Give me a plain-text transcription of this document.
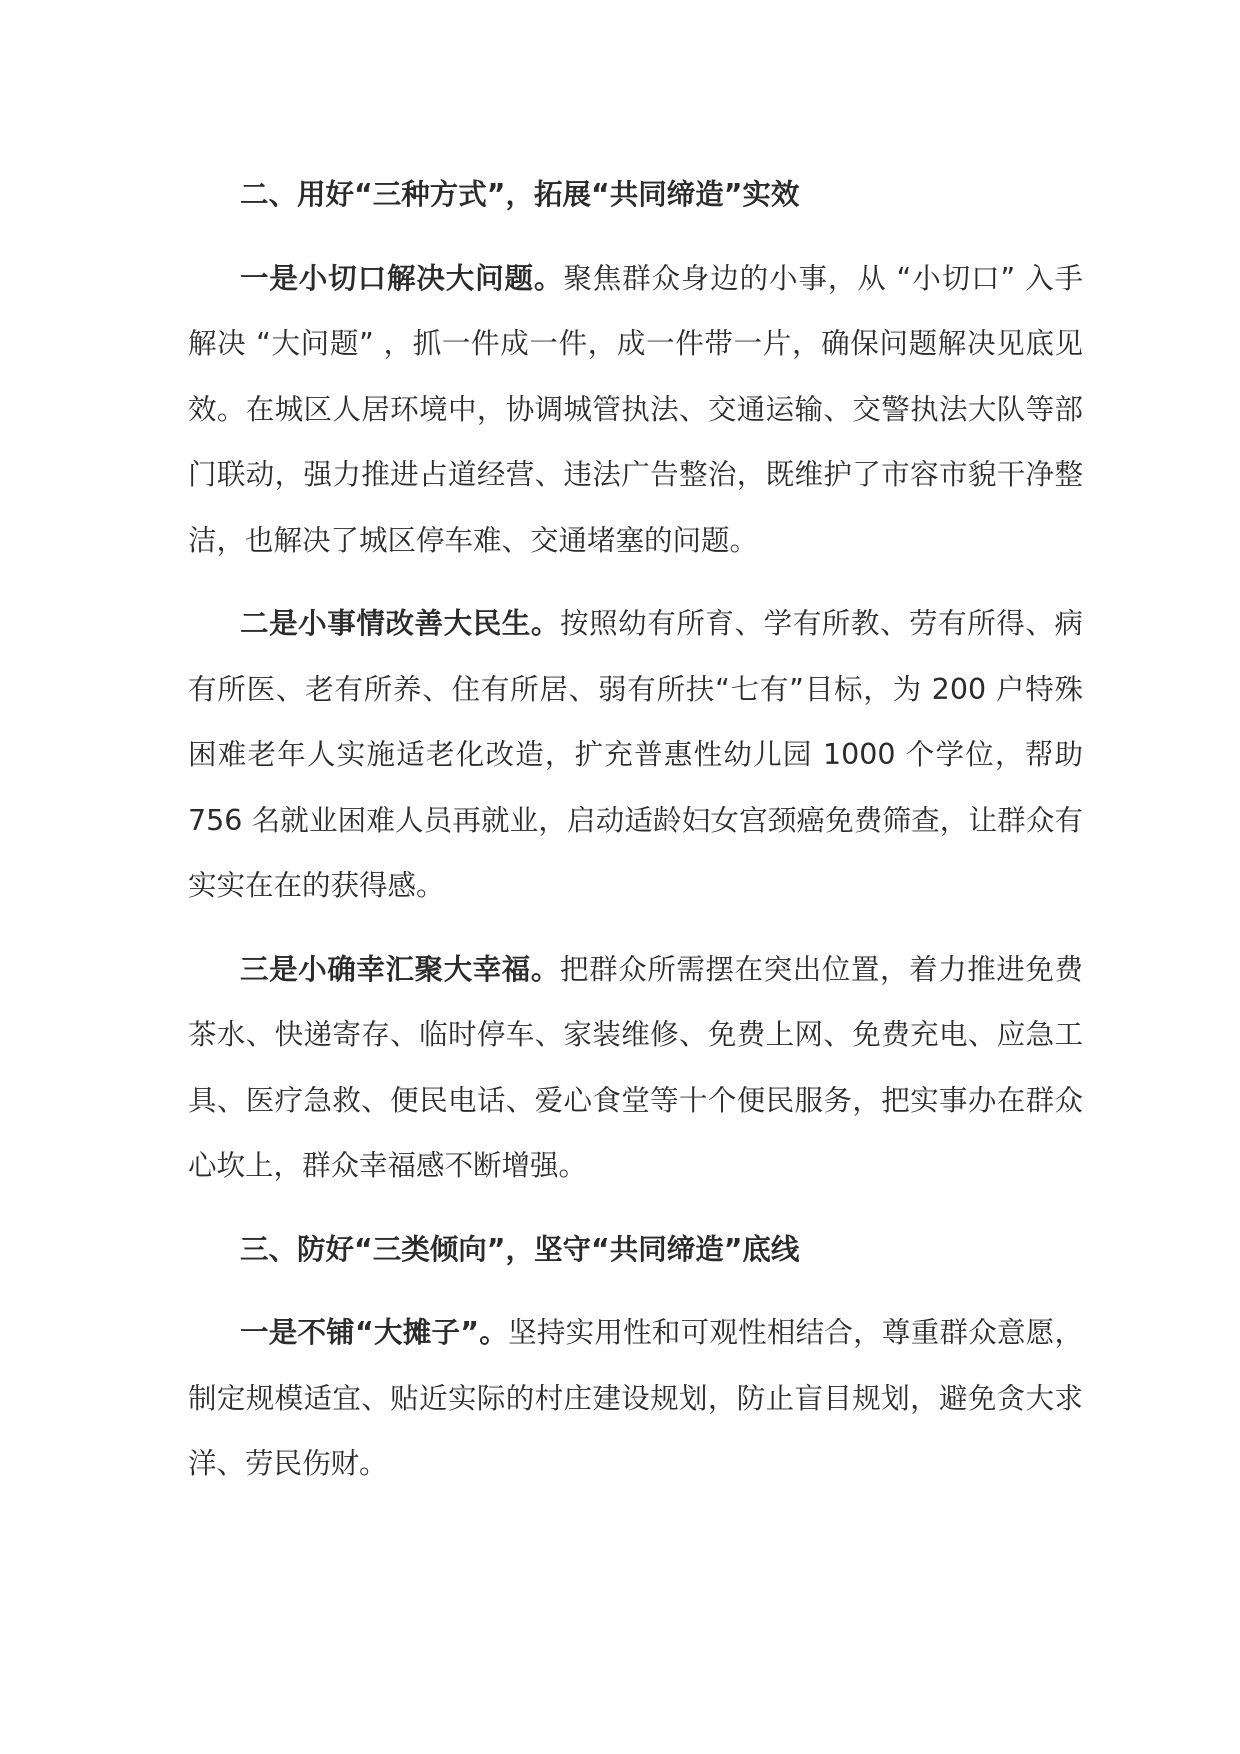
二、用好“三种方式”，拓展“共同缔造”实效

一是小切口解决大问题。聚焦群众身边的小事，从 “小切口” 入手解决 “大问题” ，抓一件成一件，成一件带一片，确保问题解决见底见效。在城区人居环境中，协调城管执法、交通运输、交警执法大队等部门联动，强力推进占道经营、违法广告整治，既维护了市容市貌干净整洁，也解决了城区停车难、交通堵塞的问题。

二是小事情改善大民生。按照幼有所育、学有所教、劳有所得、病有所医、老有所养、住有所居、弱有所扶“七有”目标，为 200 户特殊困难老年人实施适老化改造，扩充普惠性幼儿园 1000 个学位，帮助 756 名就业困难人员再就业，启动适龄妇女宫颈癌免费筛查，让群众有实实在在的获得感。

三是小确幸汇聚大幸福。把群众所需摆在突出位置，着力推进免费茶水、快递寄存、临时停车、家装维修、免费上网、免费充电、应急工具、医疗急救、便民电话、爱心食堂等十个便民服务，把实事办在群众心坎上，群众幸福感不断增强。

三、防好“三类倾向”，坚守“共同缔造”底线

一是不铺“大摊子”。坚持实用性和可观性相结合，尊重群众意愿，制定规模适宜、贴近实际的村庄建设规划，防止盲目规划，避免贪大求洋、劳民伤财。
